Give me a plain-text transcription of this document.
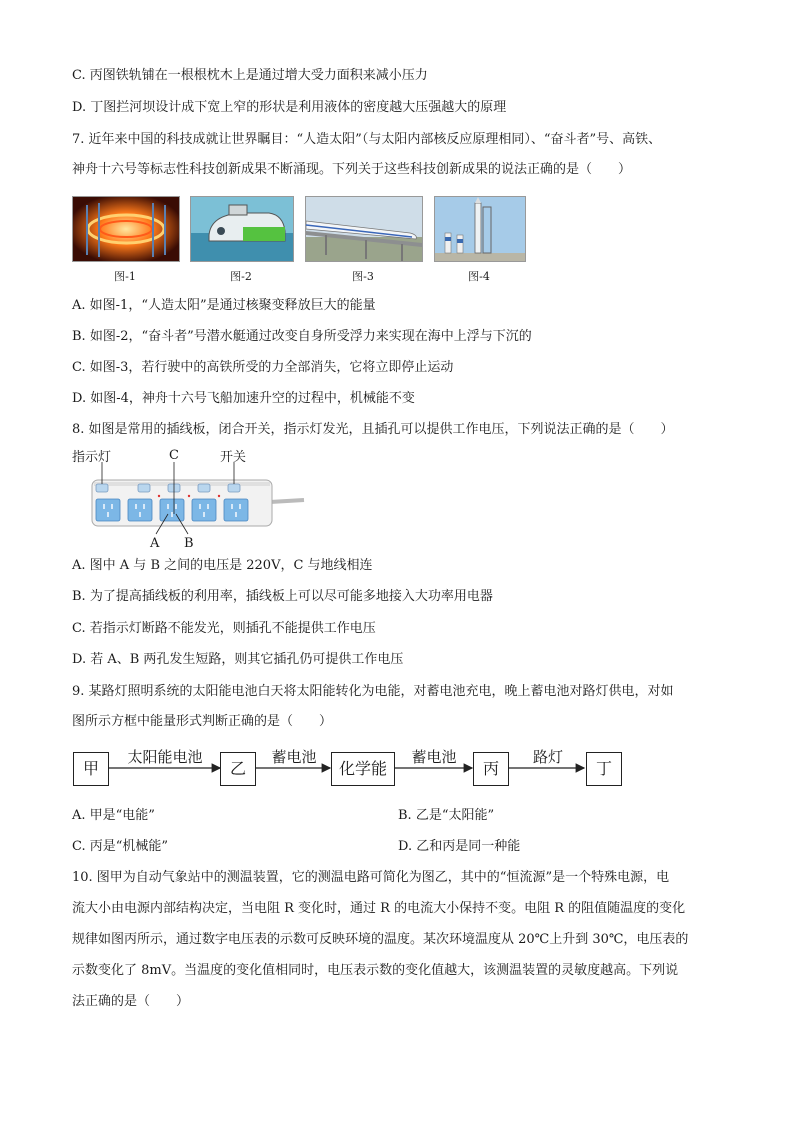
C. 丙图铁轨铺在一根根枕木上是通过增大受力面积来减小压力
D. 丁图拦河坝设计成下宽上窄的形状是利用液体的密度越大压强越大的原理
7. 近年来中国的科技成就让世界瞩目：“人造太阳”（与太阳内部核反应原理相同）、“奋斗者”号、高铁、
神舟十六号等标志性科技创新成果不断涌现。下列关于这些科技创新成果的说法正确的是（　　）
图-1	图-2	图-3	图-4
A. 如图-1，“人造太阳”是通过核聚变释放巨大的能量
B. 如图-2，“奋斗者”号潜水艇通过改变自身所受浮力来实现在海中上浮与下沉的
C. 如图-3，若行驶中的高铁所受的力全部消失，它将立即停止运动
D. 如图-4，神舟十六号飞船加速升空的过程中，机械能不变
8. 如图是常用的插线板，闭合开关，指示灯发光，且插孔可以提供工作电压，下列说法正确的是（　　）
指示灯	C	开关
A B
A. 图中 A 与 B 之间的电压是 220V，C 与地线相连
B. 为了提高插线板的利用率，插线板上可以尽可能多地接入大功率用电器
C. 若指示灯断路不能发光，则插孔不能提供工作电压
D. 若 A、B 两孔发生短路，则其它插孔仍可提供工作电压
9. 某路灯照明系统的太阳能电池白天将太阳能转化为电能，对蓄电池充电，晚上蓄电池对路灯供电，对如
图所示方框中能量形式判断正确的是（　　）
甲	乙	化学能	丙	丁
太阳能电池	蓄电池	蓄电池	路灯
A. 甲是“电能”	B. 乙是“太阳能”
C. 丙是“机械能”	D. 乙和丙是同一种能
10. 图甲为自动气象站中的测温装置，它的测温电路可简化为图乙，其中的“恒流源”是一个特殊电源，电
流大小由电源内部结构决定，当电阻 R 变化时，通过 R 的电流大小保持不变。电阻 R 的阻值随温度的变化
规律如图丙所示，通过数字电压表的示数可反映环境的温度。某次环境温度从 20℃上升到 30℃，电压表的
示数变化了 8mV。当温度的变化值相同时，电压表示数的变化值越大，该测温装置的灵敏度越高。下列说
法正确的是（　　）
